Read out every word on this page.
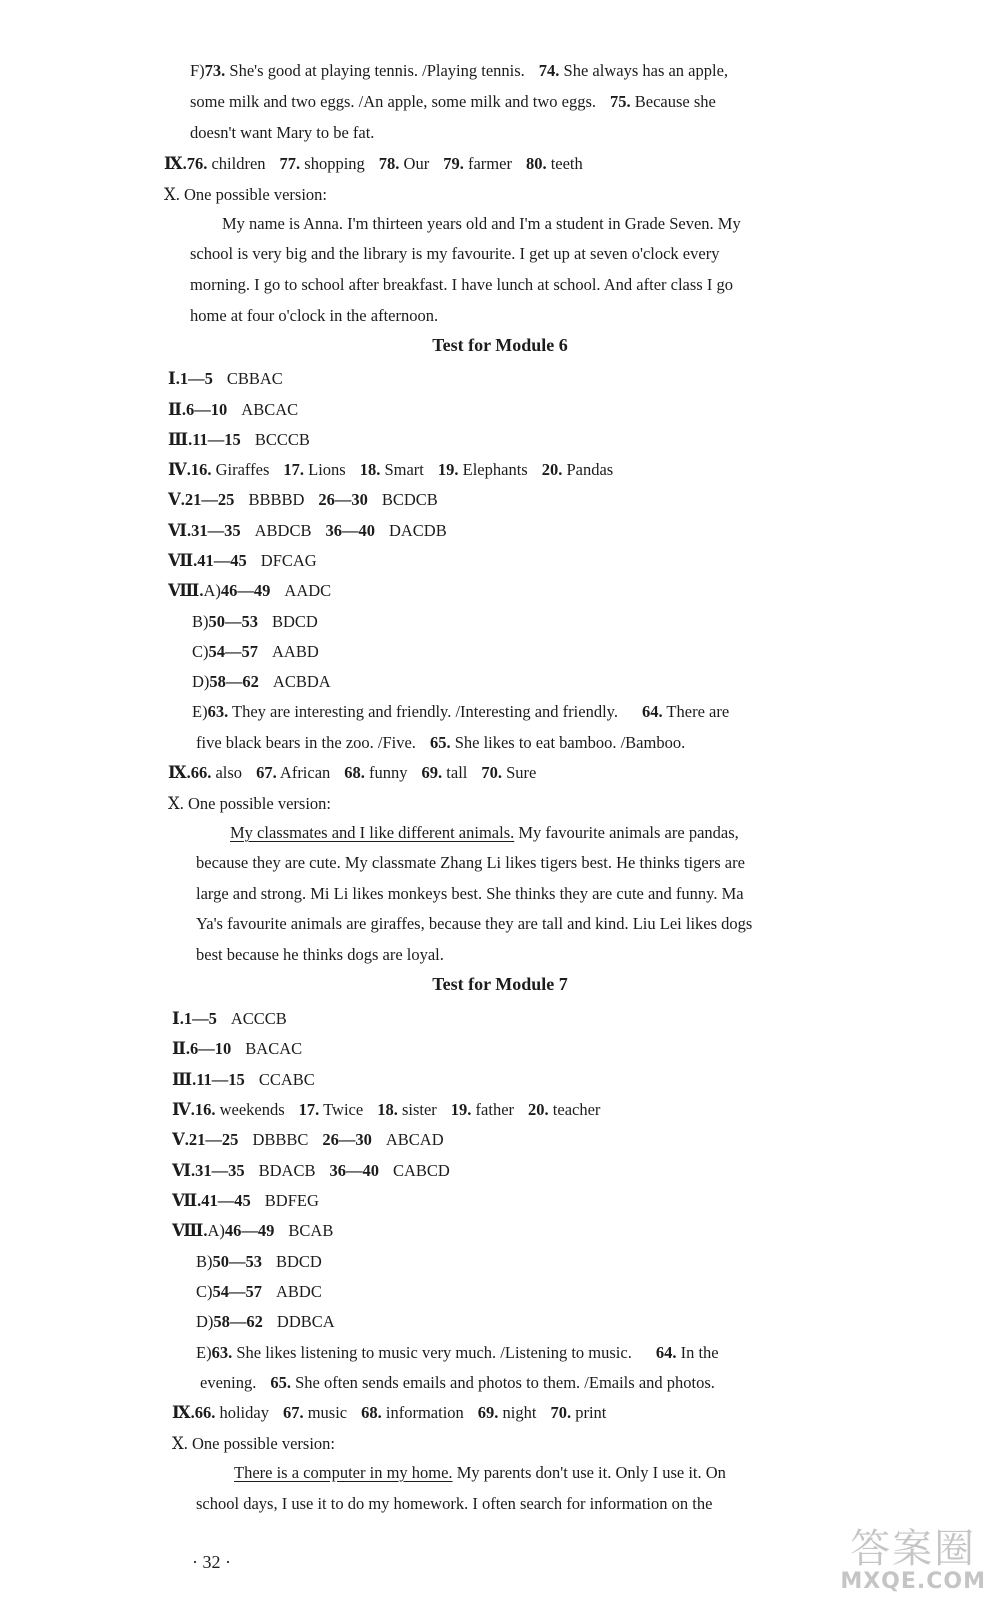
F)73. She's good at playing tennis. /Playing tennis. 74. She always has an apple,
some milk and two eggs. /An apple, some milk and two eggs. 75. Because she
doesn't want Mary to be fat.
Ⅸ.76. children 77. shopping 78. Our 79. farmer 80. teeth
Ⅹ. One possible version:
My name is Anna. I'm thirteen years old and I'm a student in Grade Seven. My
school is very big and the library is my favourite. I get up at seven o'clock every
morning. I go to school after breakfast. I have lunch at school. And after class I go
home at four o'clock in the afternoon.
Test for Module 6
Ⅰ.1—5 CBBAC
Ⅱ.6—10 ABCAC
Ⅲ.11—15 BCCCB
Ⅳ.16. Giraffes 17. Lions 18. Smart 19. Elephants 20. Pandas
Ⅴ.21—25 BBBBD 26—30 BCDCB
Ⅵ.31—35 ABDCB 36—40 DACDB
Ⅶ.41—45 DFCAG
Ⅷ.A)46—49 AADC
B)50—53 BDCD
C)54—57 AABD
D)58—62 ACBDA
E)63. They are interesting and friendly. /Interesting and friendly. 64. There are
five black bears in the zoo. /Five. 65. She likes to eat bamboo. /Bamboo.
Ⅸ.66. also 67. African 68. funny 69. tall 70. Sure
Ⅹ. One possible version:
My classmates and I like different animals. My favourite animals are pandas,
because they are cute. My classmate Zhang Li likes tigers best. He thinks tigers are
large and strong. Mi Li likes monkeys best. She thinks they are cute and funny. Ma
Ya's favourite animals are giraffes, because they are tall and kind. Liu Lei likes dogs
best because he thinks dogs are loyal.
Test for Module 7
Ⅰ.1—5 ACCCB
Ⅱ.6—10 BACAC
Ⅲ.11—15 CCABC
Ⅳ.16. weekends 17. Twice 18. sister 19. father 20. teacher
Ⅴ.21—25 DBBBC 26—30 ABCAD
Ⅵ.31—35 BDACB 36—40 CABCD
Ⅶ.41—45 BDFEG
Ⅷ.A)46—49 BCAB
B)50—53 BDCD
C)54—57 ABDC
D)58—62 DDBCA
E)63. She likes listening to music very much. /Listening to music. 64. In the
evening. 65. She often sends emails and photos to them. /Emails and photos.
Ⅸ.66. holiday 67. music 68. information 69. night 70. print
Ⅹ. One possible version:
There is a computer in my home. My parents don't use it. Only I use it. On
school days, I use it to do my homework. I often search for information on the
· 32 ·	答案圈
MXQE.COM
